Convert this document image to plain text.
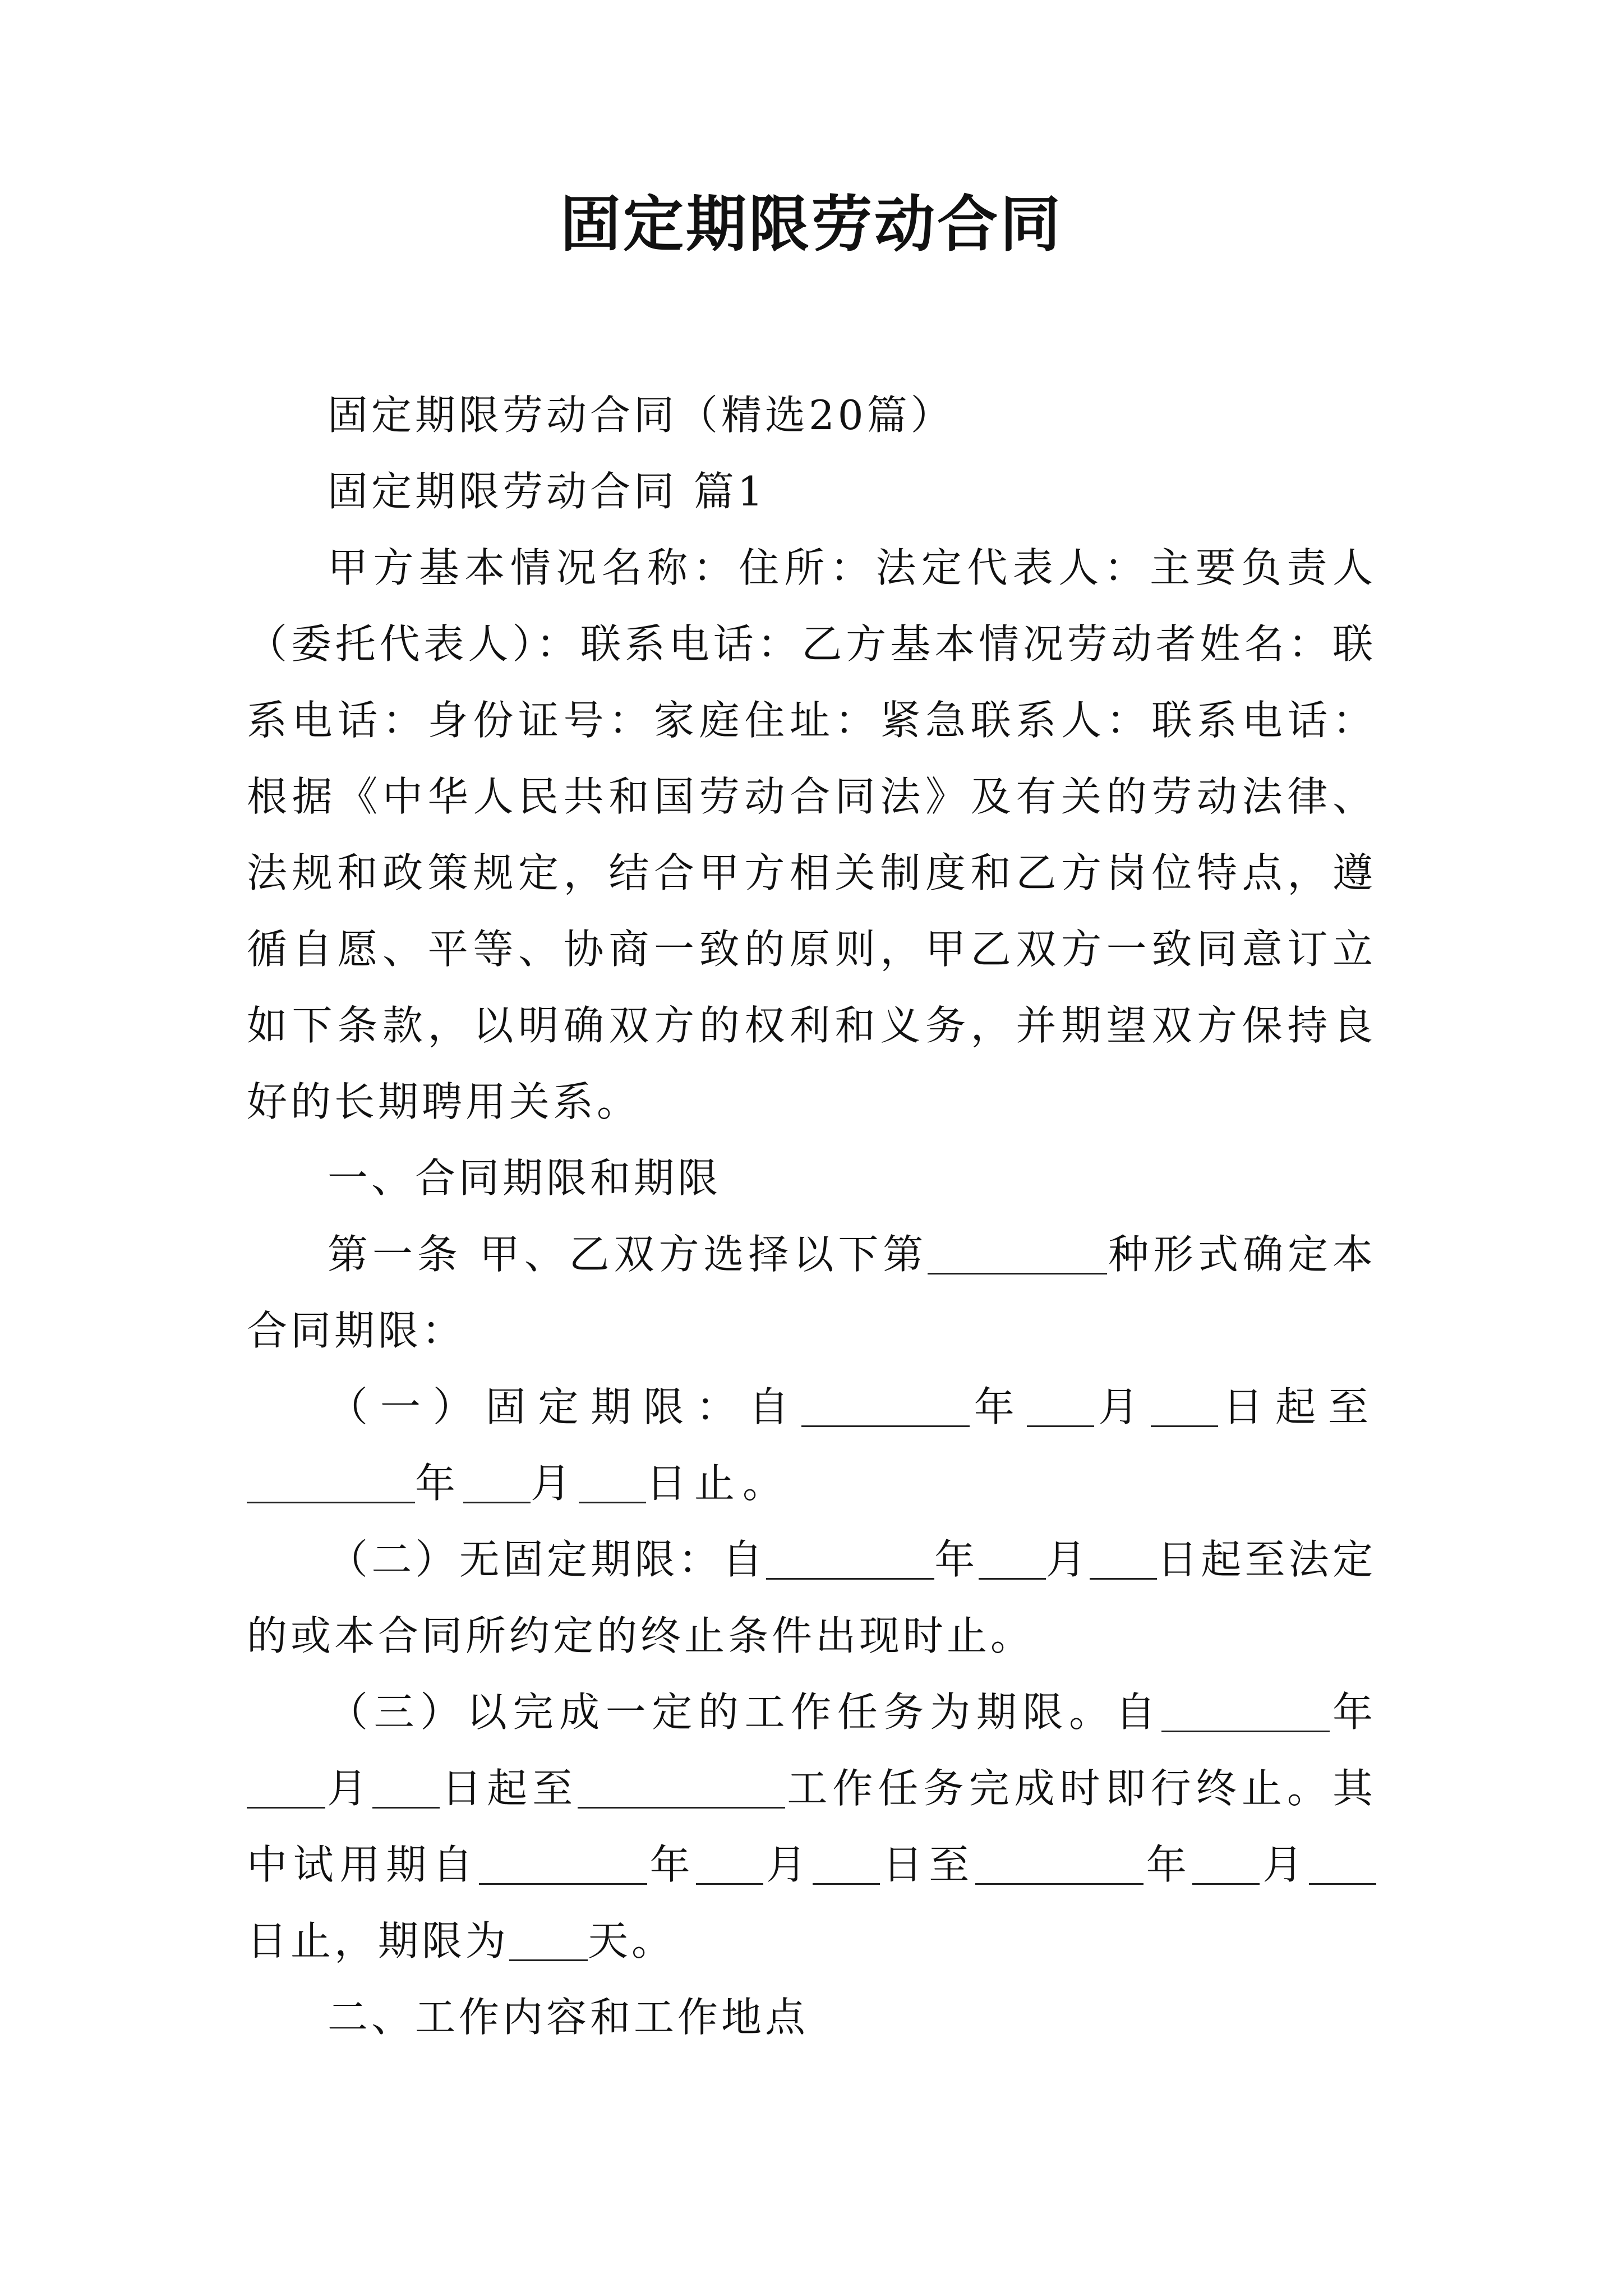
固定期限劳动合同

固定期限劳动合同（精选20篇）

固定期限劳动合同 篇1

甲方基本情况名称：住所：法定代表人：主要负责人（委托代表人）：联系电话：乙方基本情况劳动者姓名：联系电话：身份证号：家庭住址：紧急联系人：联系电话：根据《中华人民共和国劳动合同法》及有关的劳动法律、法规和政策规定，结合甲方相关制度和乙方岗位特点，遵循自愿、平等、协商一致的原则，甲乙双方一致同意订立如下条款，以明确双方的权利和义务，并期望双方保持良好的长期聘用关系。

一、合同期限和期限

第一条 甲、乙双方选择以下第	种形式确定本合同期限：

（一）固定期限：自	年 月 日起至年 月 日止。

（二）无固定期限：自	年 月 日起至法定的或本合同所约定的终止条件出现时止。

（三）以完成一定的工作任务为期限。自	年月 日起至	工作任务完成时即行终止。其中试用期自	年 月 日至	年 月日止，期限为 天。

二、工作内容和工作地点
